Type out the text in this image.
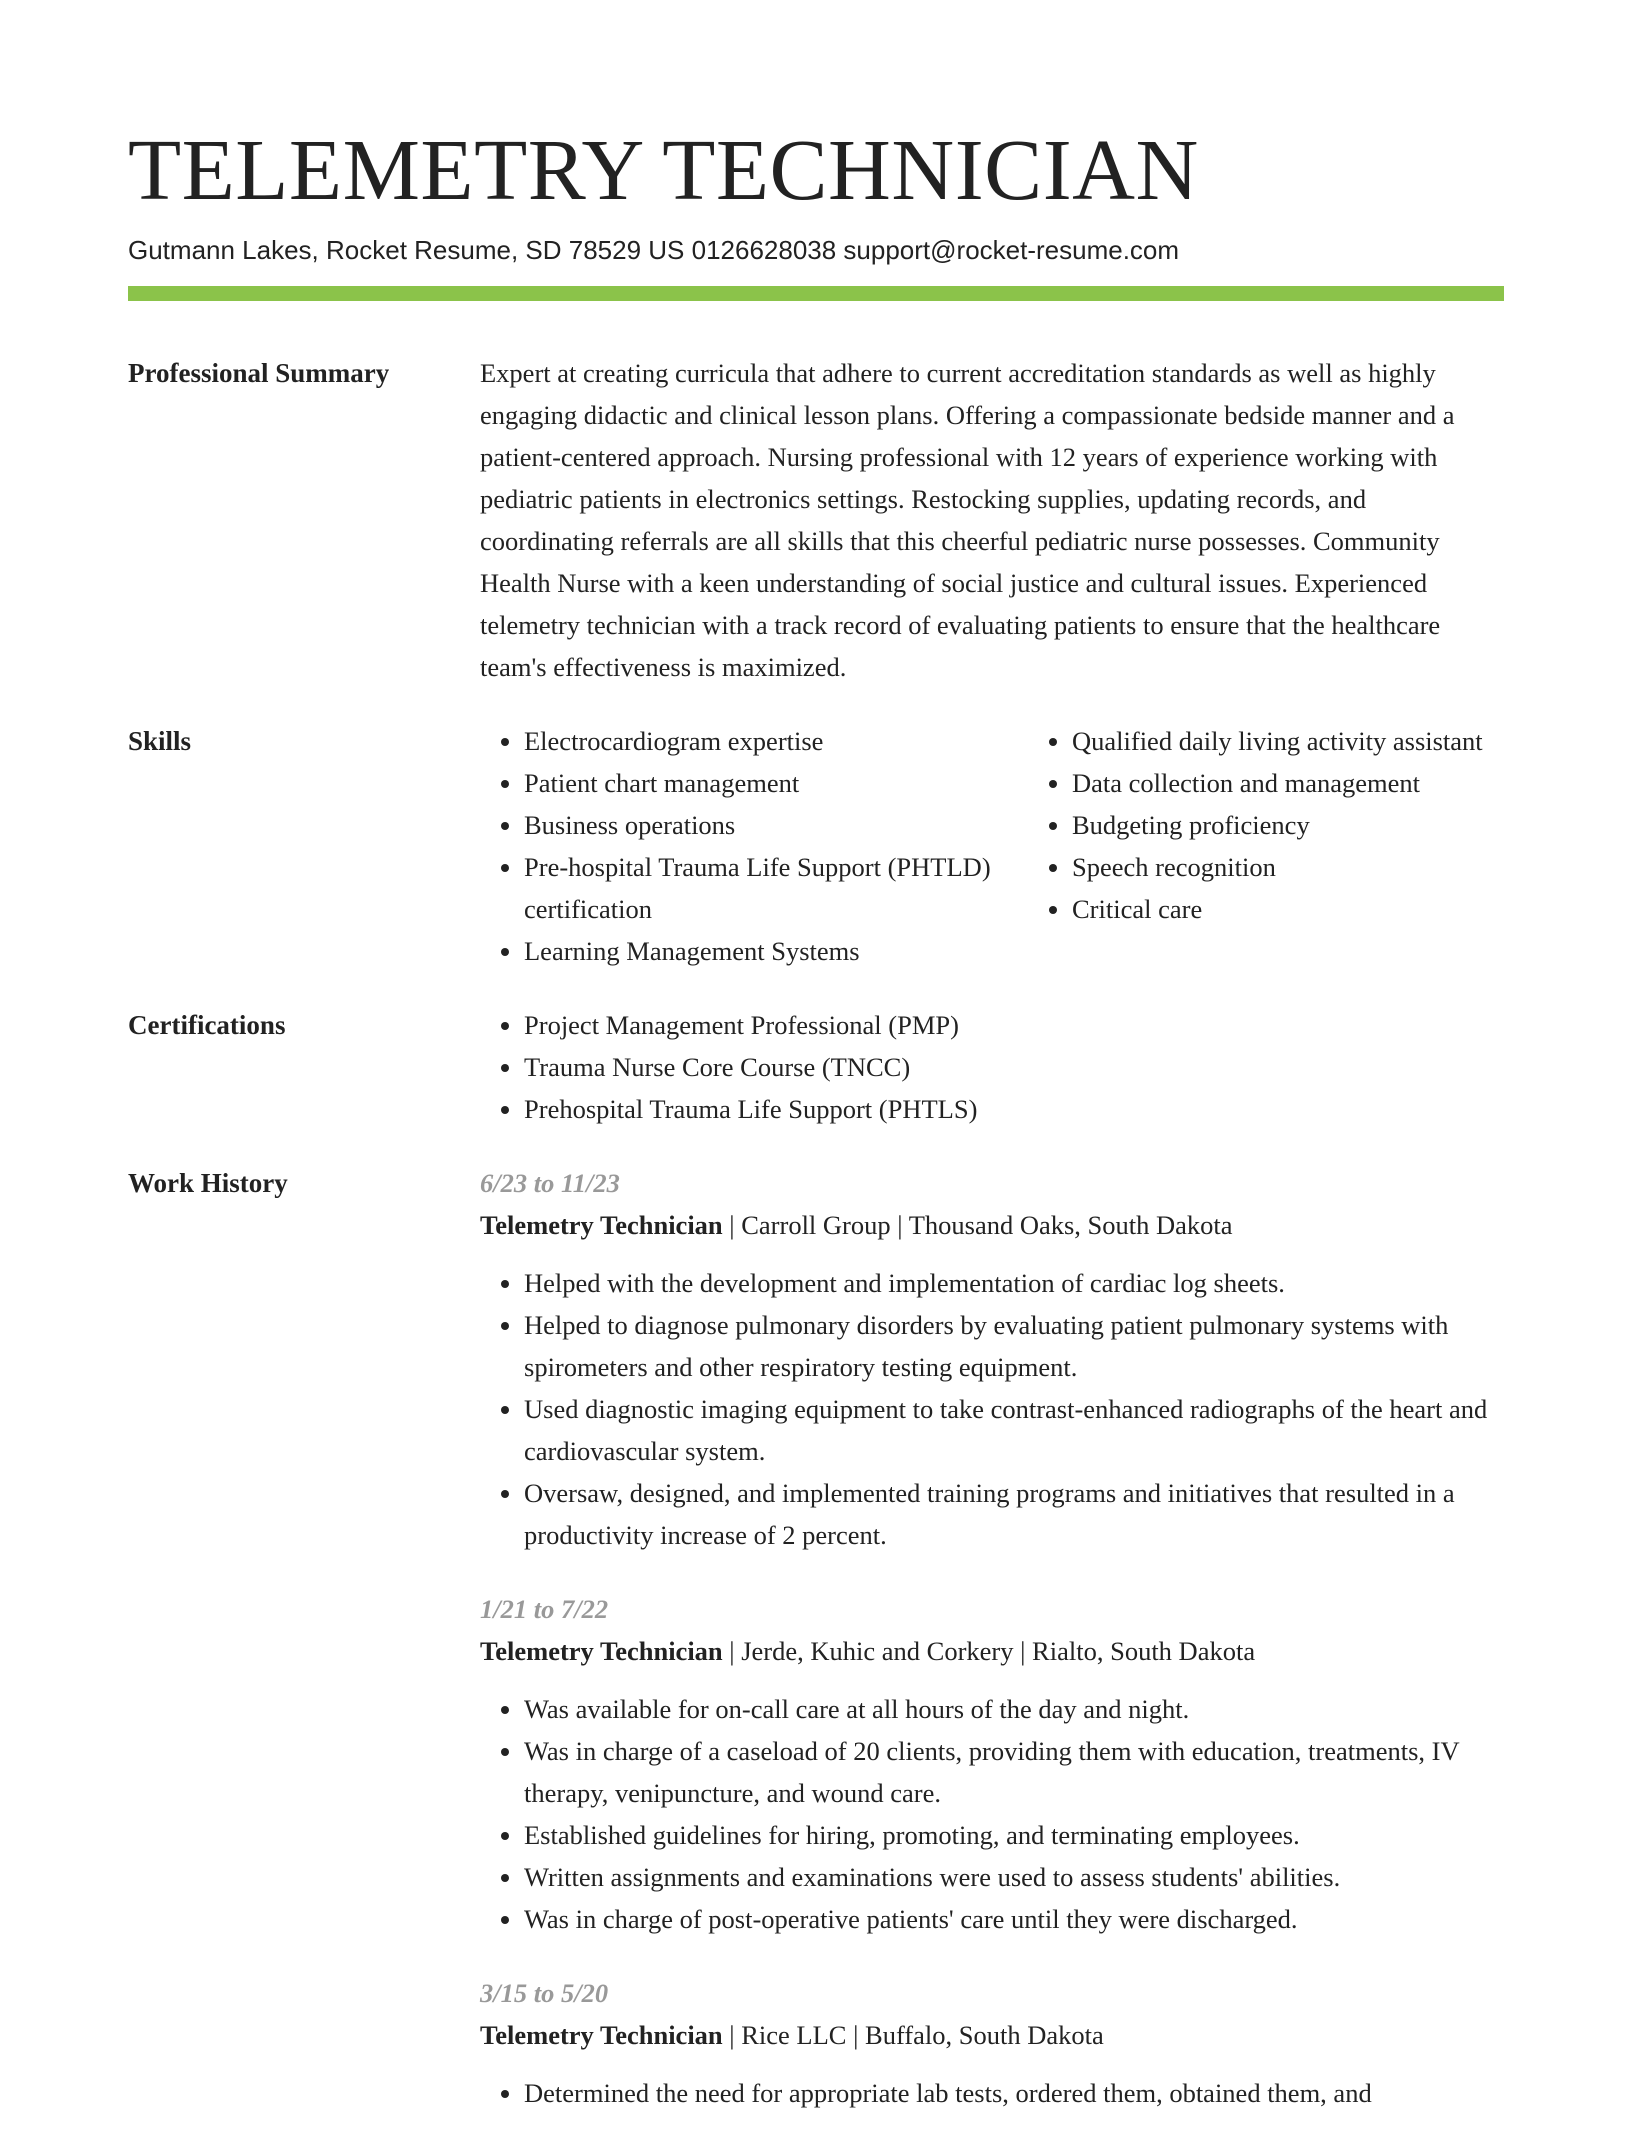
TELEMETRY TECHNICIAN
Gutmann Lakes, Rocket Resume, SD 78529 US 0126628038 support@rocket-resume.com
Professional Summary	Expert at creating curricula that adhere to current accreditation standards as well as highly engaging didactic and clinical lesson plans. Offering a compassionate bedside manner and a patient-centered approach. Nursing professional with 12 years of experience working with pediatric patients in electronics settings. Restocking supplies, updating records, and coordinating referrals are all skills that this cheerful pediatric nurse possesses. Community Health Nurse with a keen understanding of social justice and cultural issues. Experienced telemetry technician with a track record of evaluating patients to ensure that the healthcare team's effectiveness is maximized.
Skills	• Electrocardiogram expertise
• Patient chart management
• Business operations
• Pre-hospital Trauma Life Support (PHTLD) certification
• Learning Management Systems
• Qualified daily living activity assistant
• Data collection and management
• Budgeting proficiency
• Speech recognition
• Critical care
Certifications	• Project Management Professional (PMP)
• Trauma Nurse Core Course (TNCC)
• Prehospital Trauma Life Support (PHTLS)
Work History	6/23 to 11/23
Telemetry Technician | Carroll Group | Thousand Oaks, South Dakota
• Helped with the development and implementation of cardiac log sheets.
• Helped to diagnose pulmonary disorders by evaluating patient pulmonary systems with spirometers and other respiratory testing equipment.
• Used diagnostic imaging equipment to take contrast-enhanced radiographs of the heart and cardiovascular system.
• Oversaw, designed, and implemented training programs and initiatives that resulted in a productivity increase of 2 percent.
1/21 to 7/22
Telemetry Technician | Jerde, Kuhic and Corkery | Rialto, South Dakota
• Was available for on-call care at all hours of the day and night.
• Was in charge of a caseload of 20 clients, providing them with education, treatments, IV therapy, venipuncture, and wound care.
• Established guidelines for hiring, promoting, and terminating employees.
• Written assignments and examinations were used to assess students' abilities.
• Was in charge of post-operative patients' care until they were discharged.
3/15 to 5/20
Telemetry Technician | Rice LLC | Buffalo, South Dakota
• Determined the need for appropriate lab tests, ordered them, obtained them, and
